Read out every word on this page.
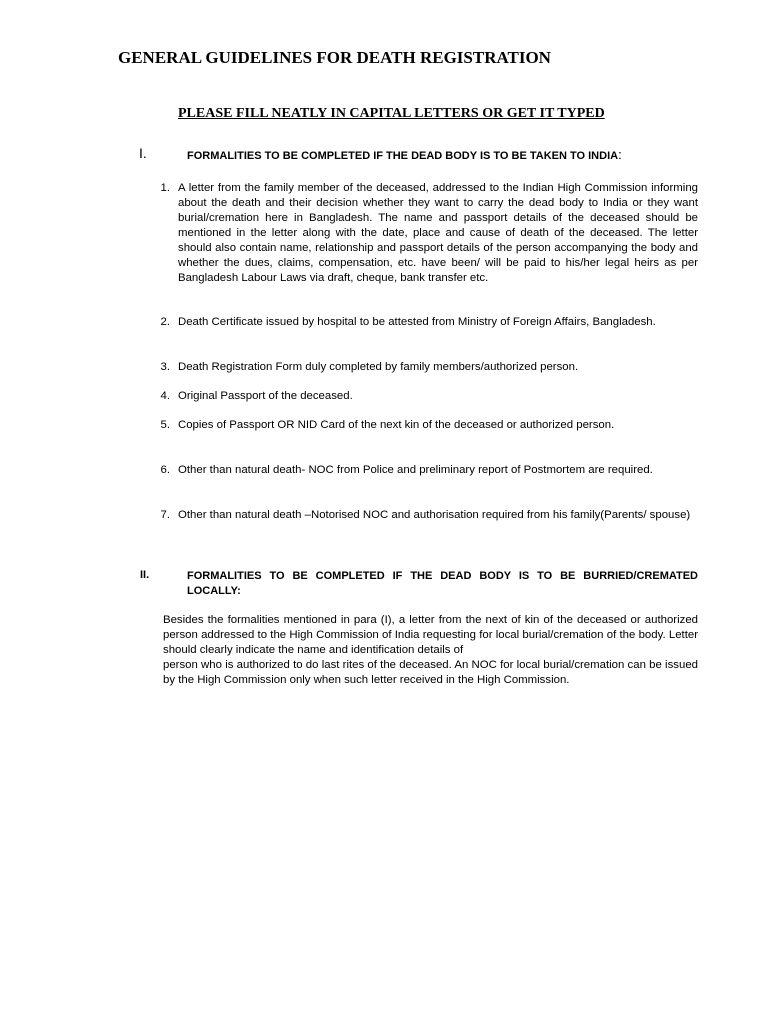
GENERAL GUIDELINES FOR DEATH REGISTRATION
PLEASE FILL NEATLY IN CAPITAL LETTERS OR GET IT TYPED
I.	FORMALITIES TO BE COMPLETED IF THE DEAD BODY IS TO BE TAKEN TO INDIA:
1. A letter from the family member of the deceased, addressed to the Indian High Commission informing about the death and their decision whether they want to carry the dead body to India or they want burial/cremation here in Bangladesh. The name and passport details of the deceased should be mentioned in the letter along with the date, place and cause of death of the deceased. The letter should also contain name, relationship and passport details of the person accompanying the body and whether the dues, claims, compensation, etc. have been/ will be paid to his/her legal heirs as per Bangladesh Labour Laws via draft, cheque, bank transfer etc.
2. Death Certificate issued by hospital to be attested from Ministry of Foreign Affairs, Bangladesh.
3. Death Registration Form duly completed by family members/authorized person.
4. Original Passport of the deceased.
5. Copies of Passport OR NID Card of the next kin of the deceased or authorized person.
6. Other than natural death- NOC from Police and preliminary report of Postmortem are required.
7. Other than natural death –Notorised NOC and authorisation required from his family(Parents/ spouse)
II.	FORMALITIES TO BE COMPLETED IF THE DEAD BODY IS TO BE BURRIED/CREMATED LOCALLY:
Besides the formalities mentioned in para (I), a letter from the next of kin of the deceased or authorized person addressed to the High Commission of India requesting for local burial/cremation of the body. Letter should clearly indicate the name and identification details of
person who is authorized to do last rites of the deceased. An NOC for local burial/cremation can be issued by the High Commission only when such letter received in the High Commission.
